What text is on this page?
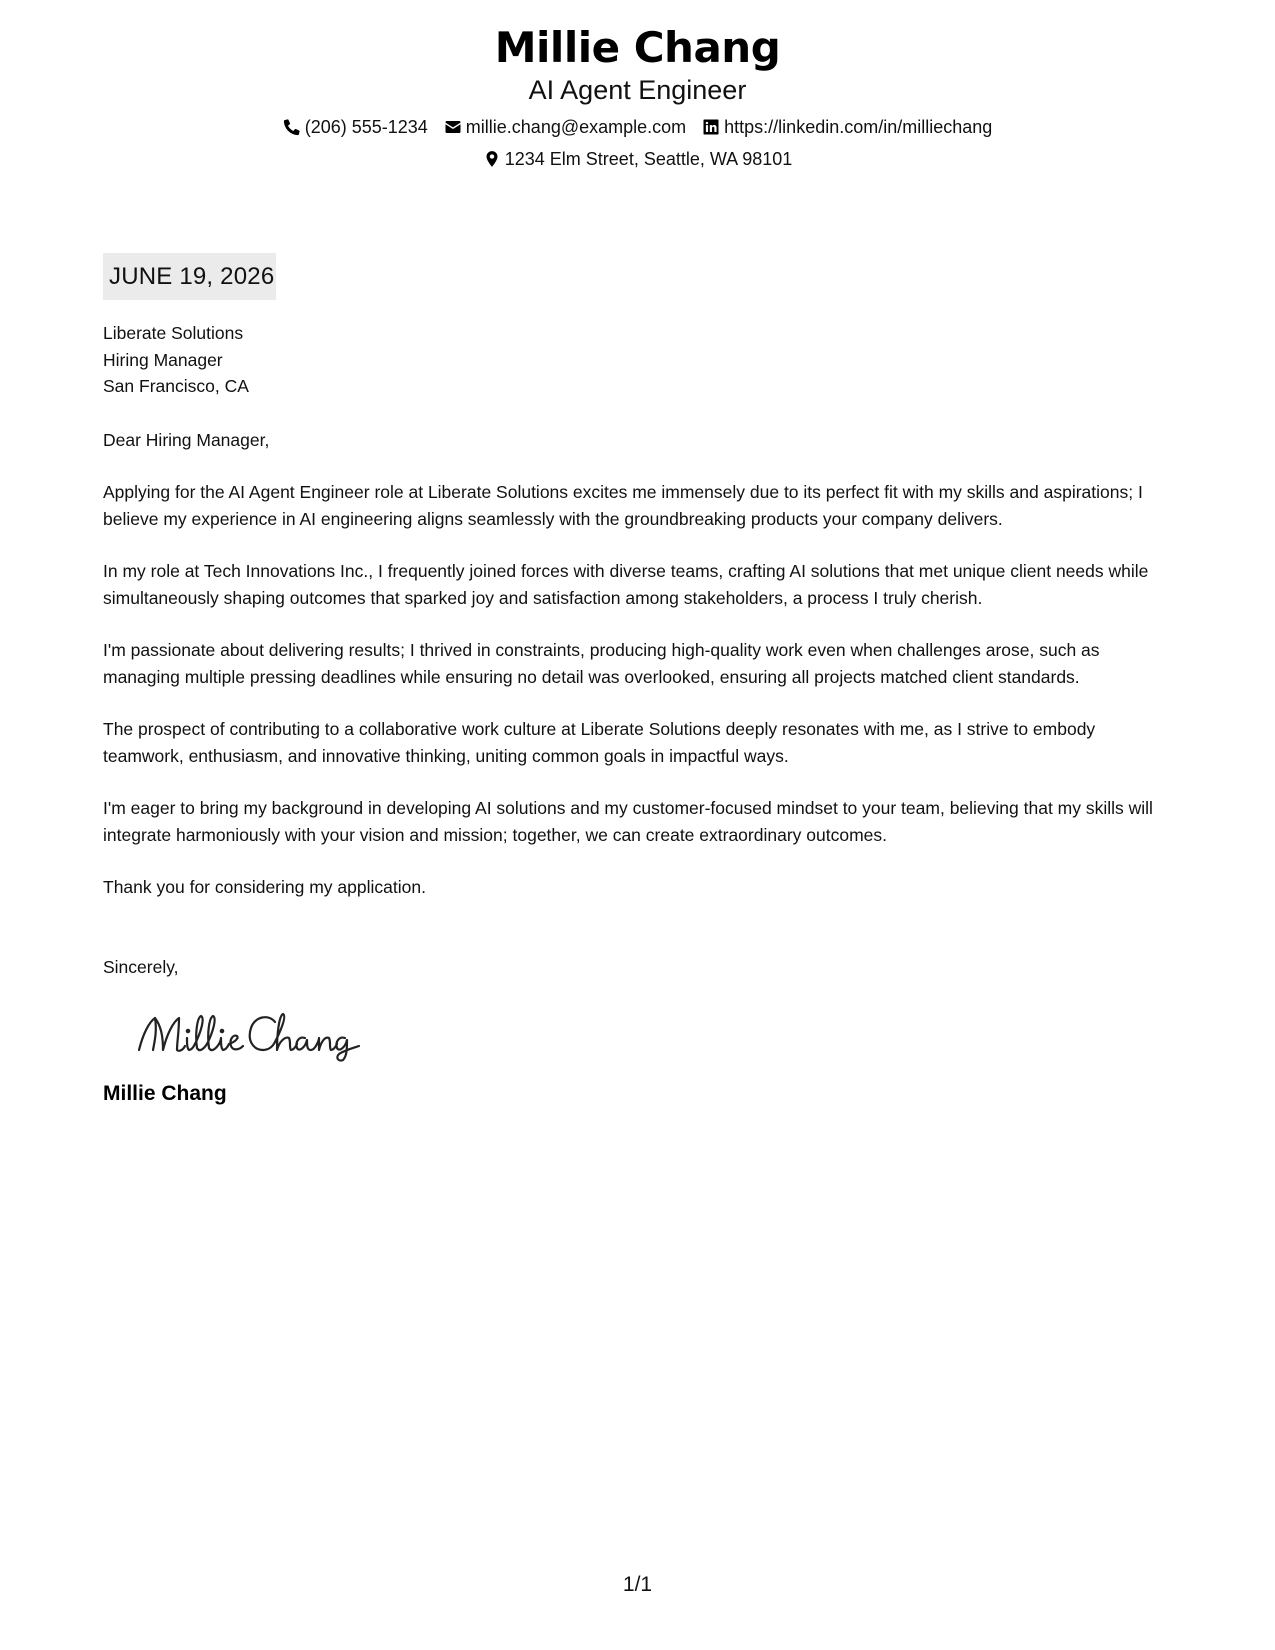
Millie Chang
AI Agent Engineer
(206) 555-1234 millie.chang@example.com https://linkedin.com/in/milliechang
1234 Elm Street, Seattle, WA 98101
JUNE 19, 2026
Liberate Solutions
Hiring Manager
San Francisco, CA
Dear Hiring Manager,
Applying for the AI Agent Engineer role at Liberate Solutions excites me immensely due to its perfect fit with my skills and aspirations; I believe my experience in AI engineering aligns seamlessly with the groundbreaking products your company delivers.
In my role at Tech Innovations Inc., I frequently joined forces with diverse teams, crafting AI solutions that met unique client needs while simultaneously shaping outcomes that sparked joy and satisfaction among stakeholders, a process I truly cherish.
I'm passionate about delivering results; I thrived in constraints, producing high-quality work even when challenges arose, such as managing multiple pressing deadlines while ensuring no detail was overlooked, ensuring all projects matched client standards.
The prospect of contributing to a collaborative work culture at Liberate Solutions deeply resonates with me, as I strive to embody teamwork, enthusiasm, and innovative thinking, uniting common goals in impactful ways.
I'm eager to bring my background in developing AI solutions and my customer-focused mindset to your team, believing that my skills will integrate harmoniously with your vision and mission; together, we can create extraordinary outcomes.
Thank you for considering my application.
Sincerely,
Millie Chang
1/1
